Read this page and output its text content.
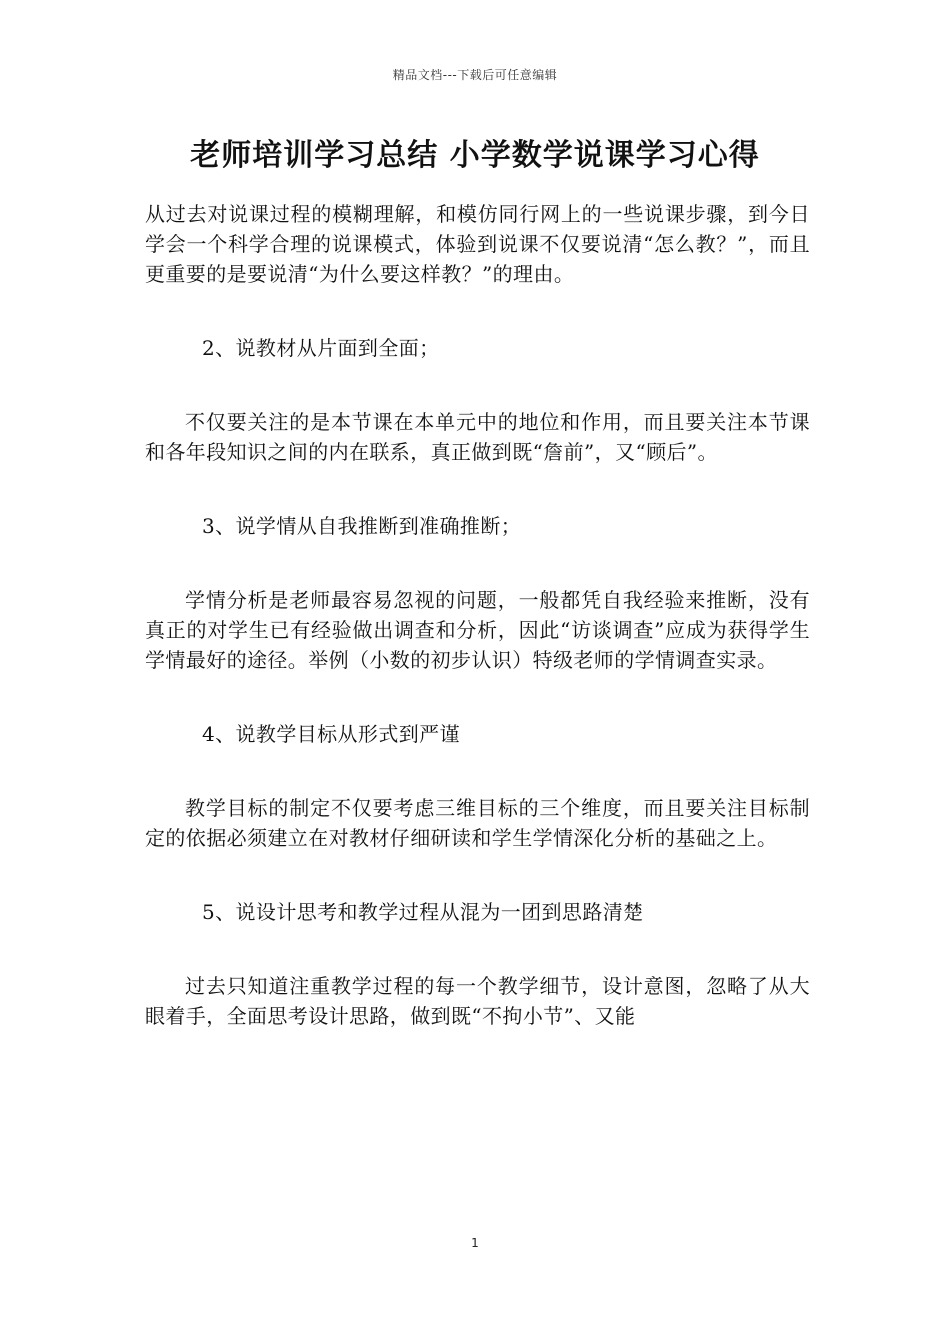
精品文档---下载后可任意编辑
老师培训学习总结 小学数学说课学习心得

从过去对说课过程的模糊理解，和模仿同行网上的一些说课步骤，到今日学会一个科学合理的说课模式，体验到说课不仅要说清“怎么教？”，而且更重要的是要说清“为什么要这样教？”的理由。

2、说教材从片面到全面；

不仅要关注的是本节课在本单元中的地位和作用，而且要关注本节课和各年段知识之间的内在联系，真正做到既“詹前”，又“顾后”。

3、说学情从自我推断到准确推断；

学情分析是老师最容易忽视的问题，一般都凭自我经验来推断，没有真正的对学生已有经验做出调查和分析，因此“访谈调查”应成为获得学生学情最好的途径。举例（小数的初步认识）特级老师的学情调查实录。

4、说教学目标从形式到严谨

教学目标的制定不仅要考虑三维目标的三个维度，而且要关注目标制定的依据必须建立在对教材仔细研读和学生学情深化分析的基础之上。

5、说设计思考和教学过程从混为一团到思路清楚

过去只知道注重教学过程的每一个教学细节，设计意图，忽略了从大眼着手，全面思考设计思路，做到既“不拘小节”、又能

1
